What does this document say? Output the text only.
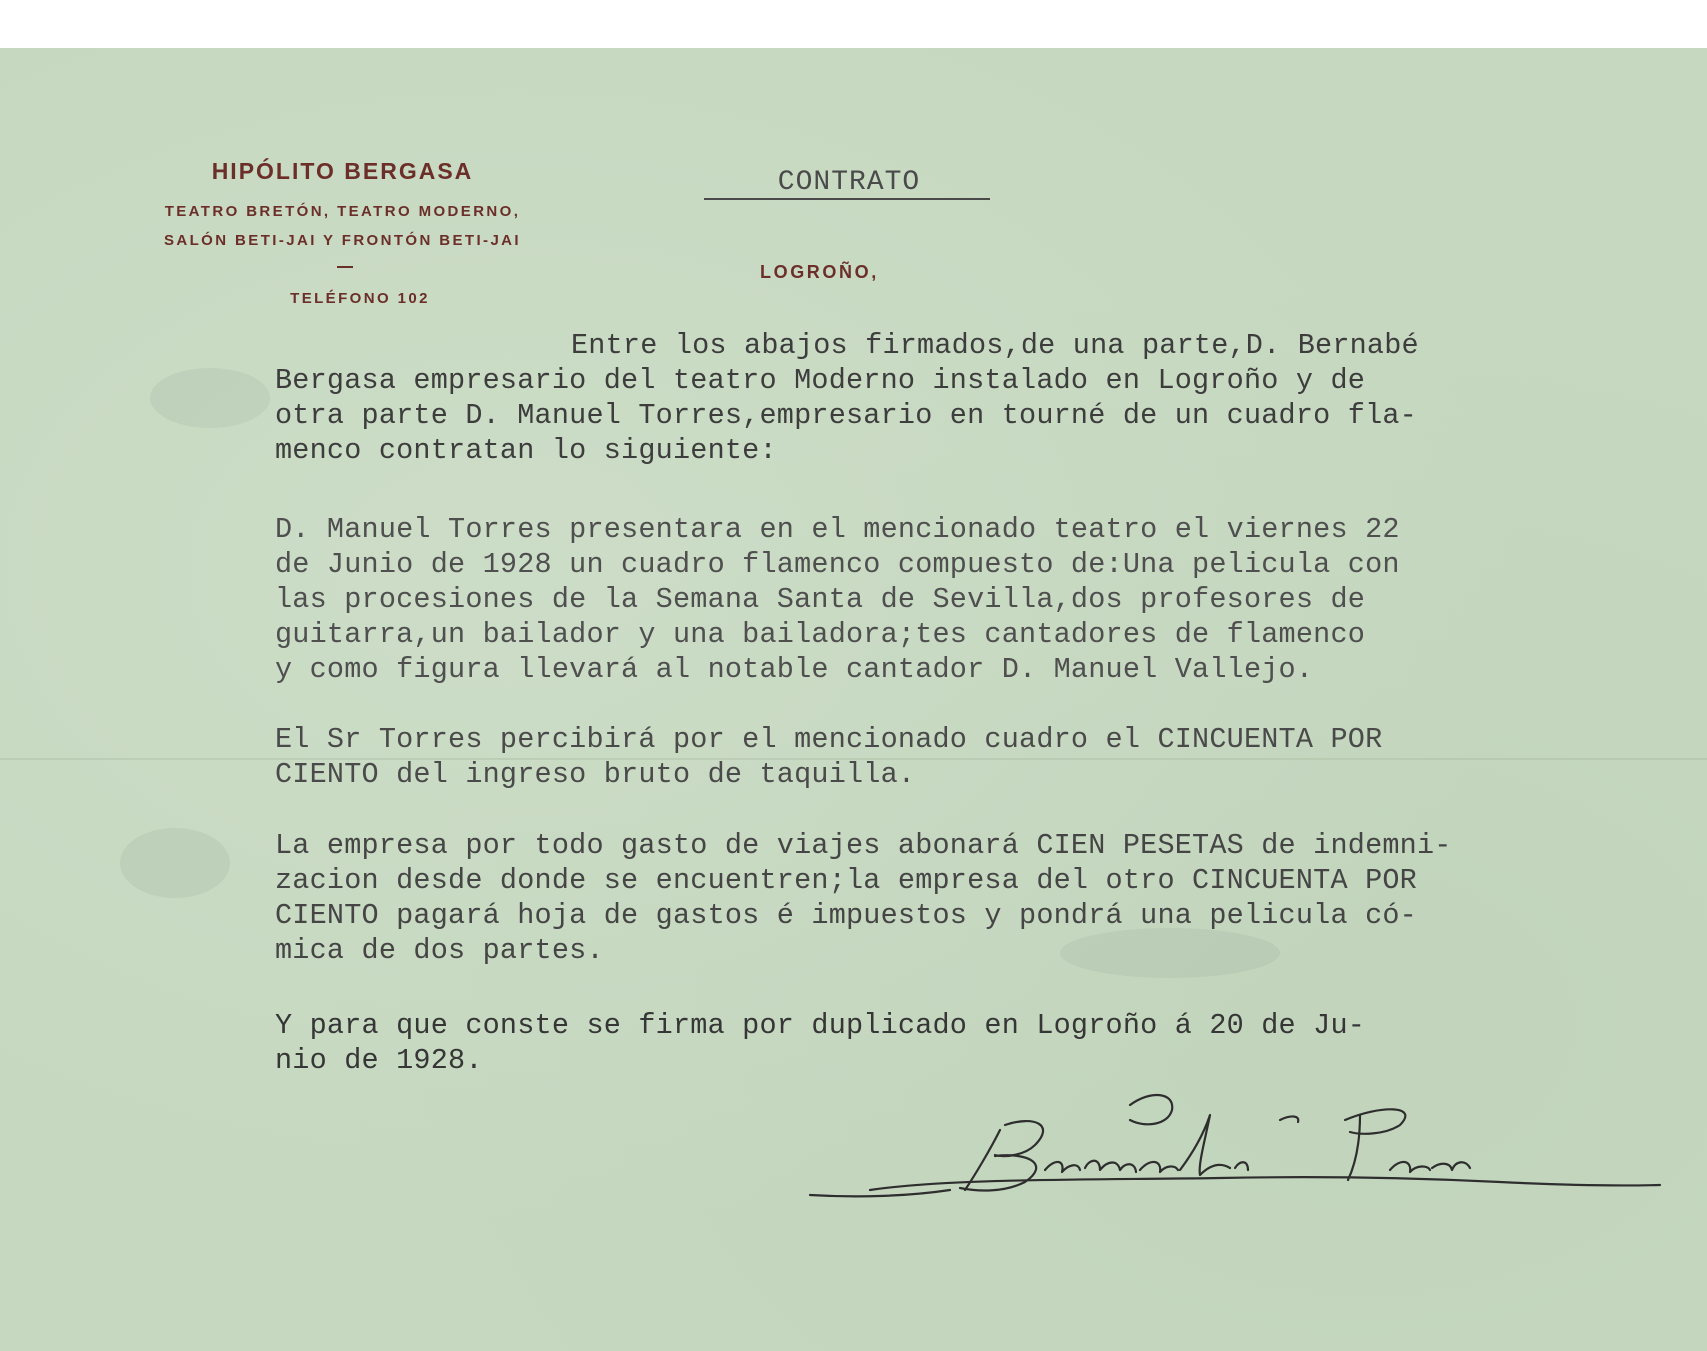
HIPÓLITO BERGASA
TEATRO BRETÓN, TEATRO MODERNO,
SALÓN BETI-JAI Y FRONTÓN BETI-JAI
TELÉFONO 102
LOGROÑO,
CONTRATO
Entre los abajos firmados,de una parte,D. Bernabé
Bergasa empresario del teatro Moderno instalado en Logroño y de
otra parte D. Manuel Torres,empresario en tourné de un cuadro fla-
menco contratan lo siguiente:
D. Manuel Torres presentara en el mencionado teatro el viernes 22
de Junio de 1928 un cuadro flamenco compuesto de:Una pelicula con
las procesiones de la Semana Santa de Sevilla,dos profesores de
guitarra,un bailador y una bailadora;tes cantadores de flamenco
y como figura llevará al notable cantador D. Manuel Vallejo.
El Sr Torres percibirá por el mencionado cuadro el CINCUENTA POR
CIENTO del ingreso bruto de taquilla.
La empresa por todo gasto de viajes abonará CIEN PESETAS de indemni-
zacion desde donde se encuentren;la empresa del otro CINCUENTA POR
CIENTO pagará hoja de gastos é impuestos y pondrá una pelicula có-
mica de dos partes.
Y para que conste se firma por duplicado en Logroño á 20 de Ju-
nio de 1928.
